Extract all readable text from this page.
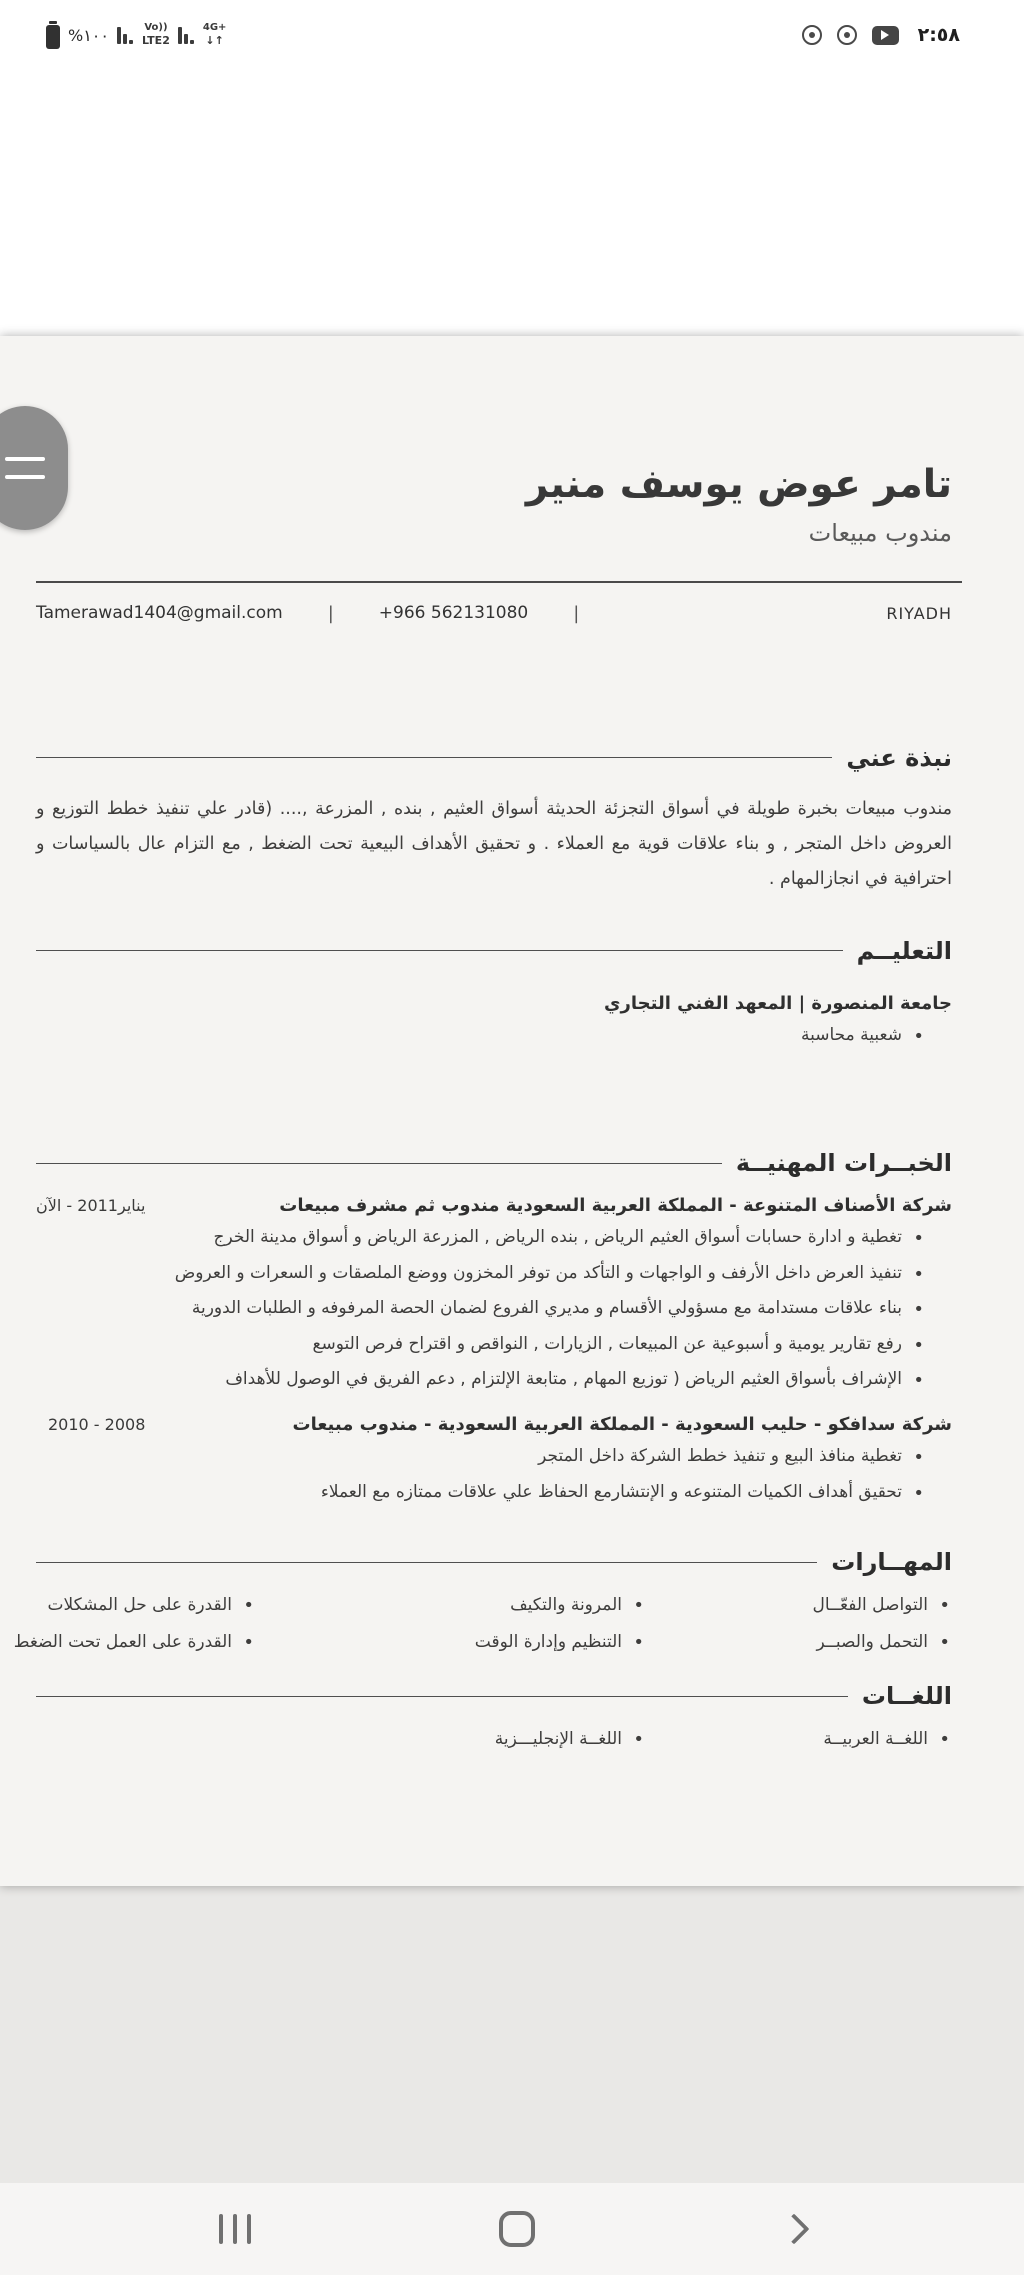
%١٠٠	Vo))
LTE2
4G+
↓↑	٢:٥٨
تامر عوض يوسف منير
مندوب مبيعات
Tamerawad1404@gmail.com	|	+966 562131080	|	RIYADH
نبذة عني

مندوب مبيعات بخبرة طويلة في أسواق التجزئة الحديثة أسواق العثيم , بنده , المزرعة ,.... (قادر علي تنفيذ خطط التوزيع و العروض داخل المتجر , و بناء علاقات قوية مع العملاء . و تحقيق الأهداف البيعية تحت الضغط , مع التزام عال بالسياسات و احترافية في انجازالمهام .

التعليــم
جامعة المنصورة | المعهد الفني التجاري
• شعبية محاسبة
الخبــرات المهنيــة
شركة الأصناف المتنوعة - المملكة العربية السعودية مندوب ثم مشرف مبيعات
يناير2011 - الآن
• تغطية و ادارة حسابات أسواق العثيم الرياض , بنده الرياض , المزرعة الرياض و أسواق مدينة الخرج
• تنفيذ العرض داخل الأرفف و الواجهات و التأكد من توفر المخزون ووضع الملصقات و السعرات و العروض
• بناء علاقات مستدامة مع مسؤولي الأقسام و مديري الفروع لضمان الحصة المرفوفه و الطلبات الدورية
• رفع تقارير يومية و أسبوعية عن المبيعات , الزيارات , النواقص و اقتراح فرص التوسع
• الإشراف بأسواق العثيم الرياض ( توزيع المهام , متابعة الإلتزام , دعم الفريق في الوصول للأهداف
شركة سدافكو - حليب السعودية - المملكة العربية السعودية - مندوب مبيعات
2010 - 2008
• تغطية منافذ البيع و تنفيذ خطط الشركة داخل المتجر
• تحقيق أهداف الكميات المتنوعه و الإنتشارمع الحفاظ علي علاقات ممتازه مع العملاء
المهــارات
• التواصل الفعّــال
• المرونة والتكيف
• القدرة على حل المشكلات
• التحمل والصبــر
• التنظيم وإدارة الوقت
• القدرة على العمل تحت الضغط
اللغــات
• اللغــة العربيــة
• اللغــة الإنجليـــزية
